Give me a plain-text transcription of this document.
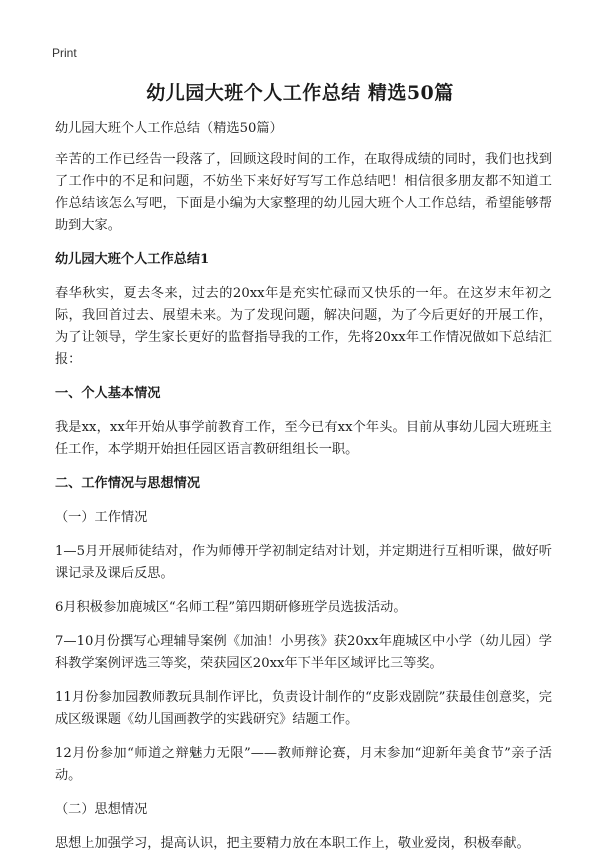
Print
幼儿园大班个人工作总结 精选50篇

幼儿园大班个人工作总结（精选50篇）

辛苦的工作已经告一段落了，回顾这段时间的工作，在取得成绩的同时，我们也找到了工作中的不足和问题，不妨坐下来好好写写工作总结吧！相信很多朋友都不知道工作总结该怎么写吧，下面是小编为大家整理的幼儿园大班个人工作总结，希望能够帮助到大家。

幼儿园大班个人工作总结1

春华秋实，夏去冬来，过去的20xx年是充实忙碌而又快乐的一年。在这岁末年初之际，我回首过去、展望未来。为了发现问题，解决问题，为了今后更好的开展工作，为了让领导，学生家长更好的监督指导我的工作，先将20xx年工作情况做如下总结汇报：

一、个人基本情况

我是xx，xx年开始从事学前教育工作，至今已有xx个年头。目前从事幼儿园大班班主任工作，本学期开始担任园区语言教研组组长一职。

二、工作情况与思想情况

（一）工作情况

1—5月开展师徒结对，作为师傅开学初制定结对计划，并定期进行互相听课，做好听课记录及课后反思。

6月积极参加鹿城区“名师工程”第四期研修班学员选拔活动。

7—10月份撰写心理辅导案例《加油！小男孩》获20xx年鹿城区中小学（幼儿园）学科教学案例评选三等奖，荣获园区20xx年下半年区域评比三等奖。

11月份参加园教师教玩具制作评比，负责设计制作的“皮影戏剧院”获最佳创意奖，完成区级课题《幼儿国画教学的实践研究》结题工作。

12月份参加“师道之辩魅力无限”——教师辩论赛，月末参加“迎新年美食节”亲子活动。

（二）思想情况

思想上加强学习，提高认识，把主要精力放在本职工作上，敬业爱岗，积极奉献。
